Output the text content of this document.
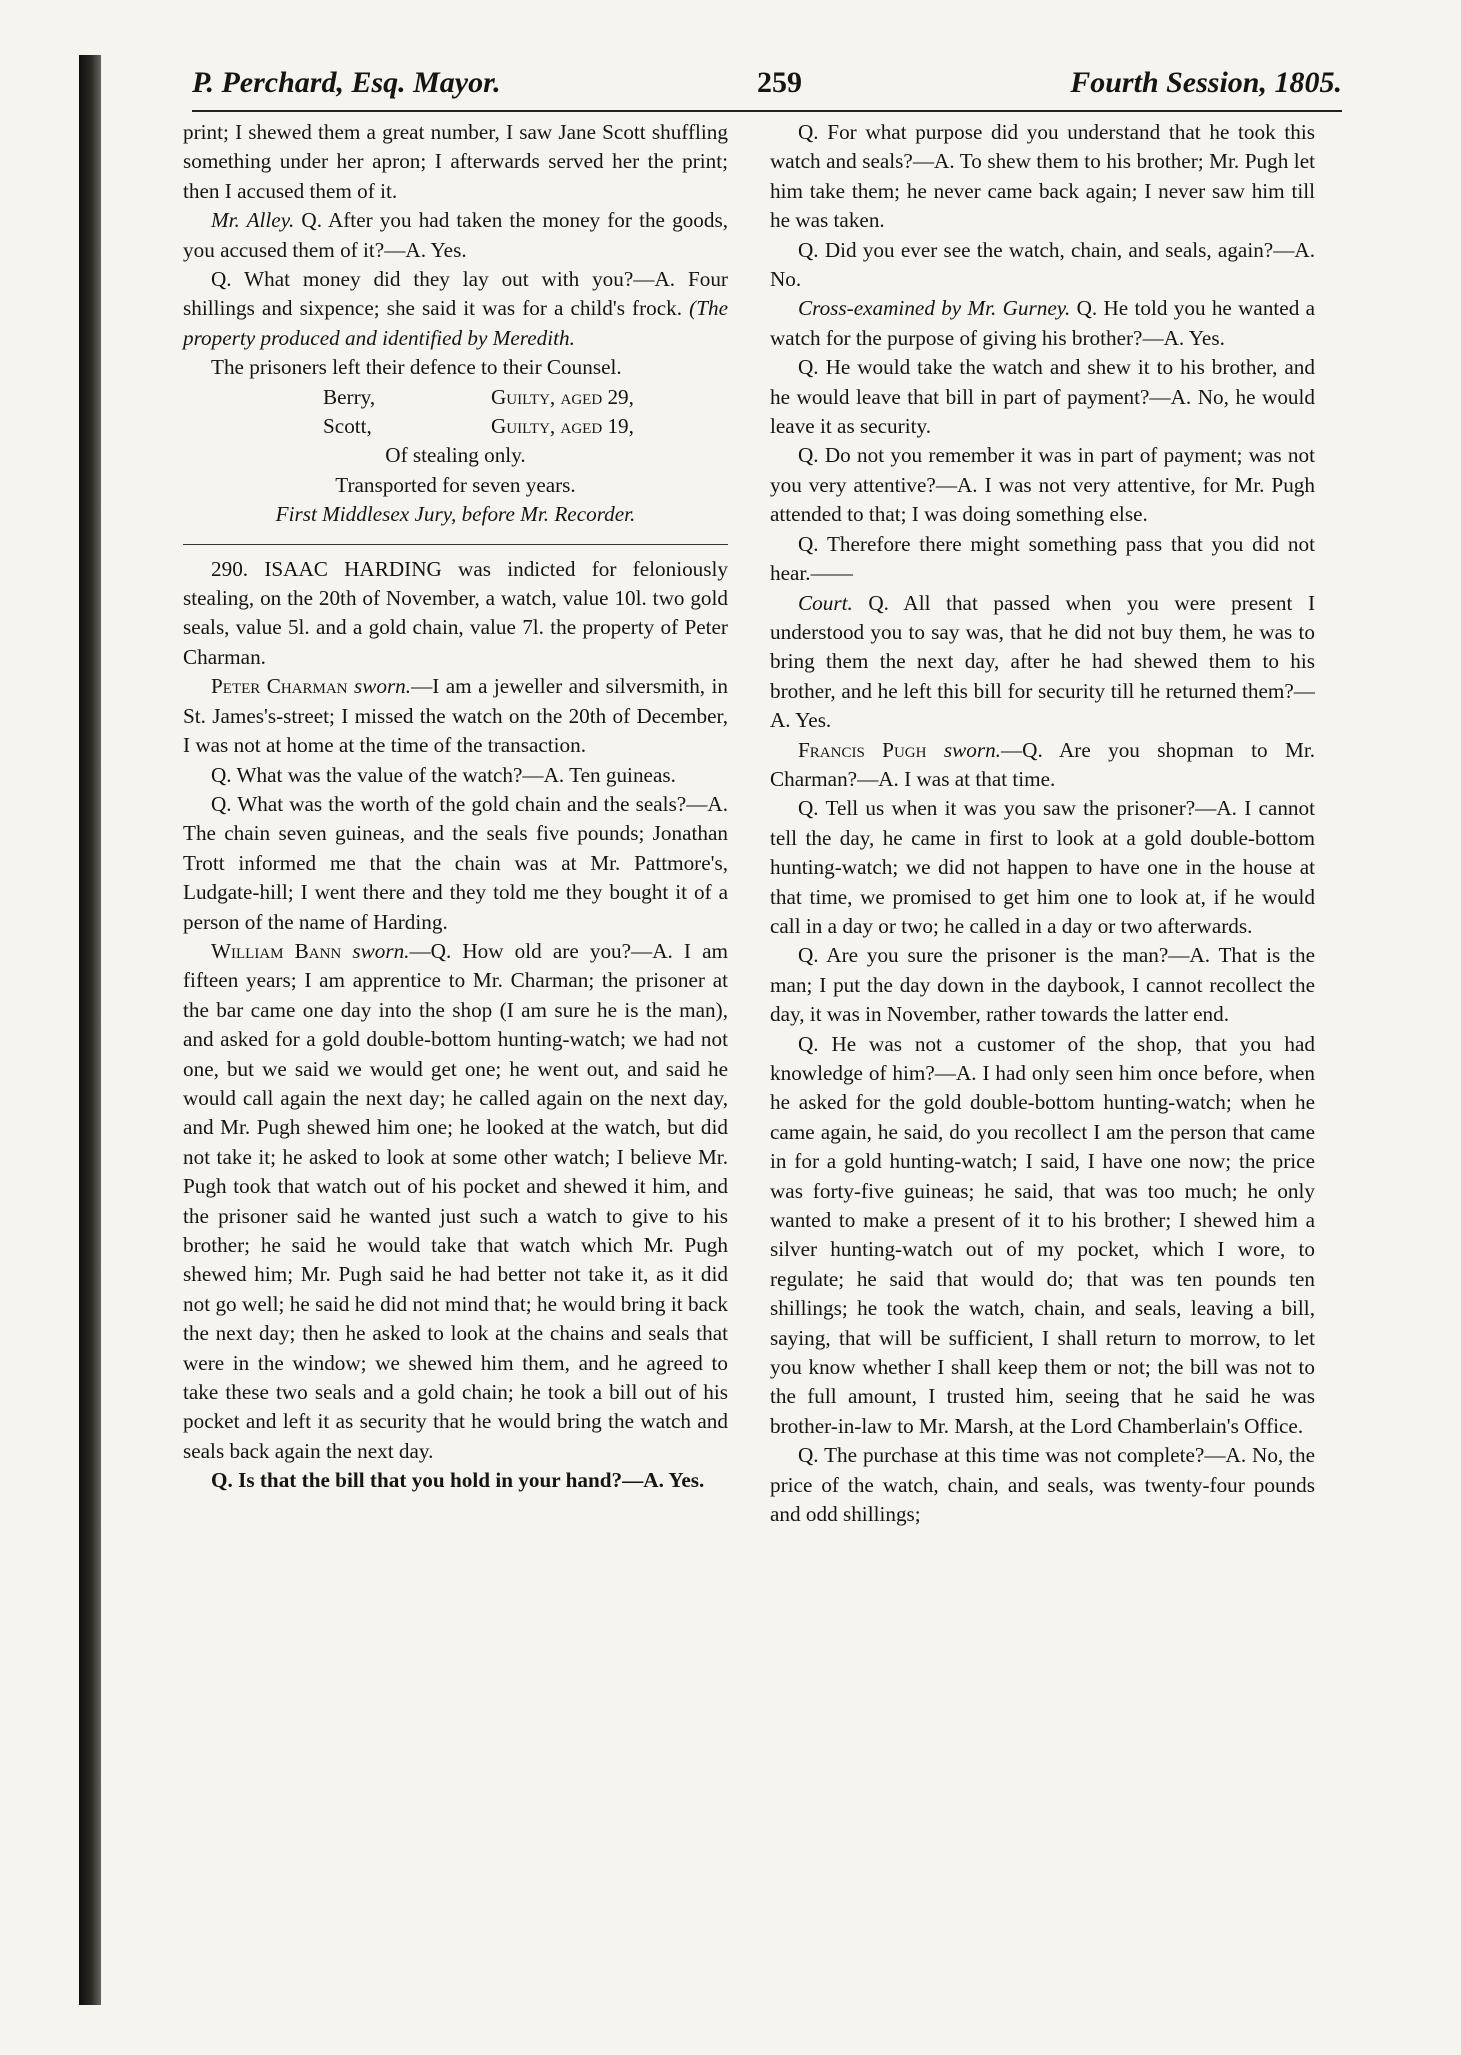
P. Perchard, Esq. Mayor.	259	Fourth Session, 1805.

print; I shewed them a great number, I saw Jane Scott shuffling something under her apron; I afterwards served her the print; then I accused them of it.

Mr. Alley. Q. After you had taken the money for the goods, you accused them of it?—A. Yes.

Q. What money did they lay out with you?—A. Four shillings and sixpence; she said it was for a child's frock. (The property produced and identified by Meredith.

The prisoners left their defence to their Counsel.

Berry,	Guilty, aged 29,
Scott,	Guilty, aged 19,

Of stealing only.

Transported for seven years.

First Middlesex Jury, before Mr. Recorder.

290. ISAAC HARDING was indicted for feloniously stealing, on the 20th of November, a watch, value 10l. two gold seals, value 5l. and a gold chain, value 7l. the property of Peter Charman.

Peter Charman sworn.—I am a jeweller and silversmith, in St. James's-street; I missed the watch on the 20th of December, I was not at home at the time of the transaction.

Q. What was the value of the watch?—A. Ten guineas.

Q. What was the worth of the gold chain and the seals?—A. The chain seven guineas, and the seals five pounds; Jonathan Trott informed me that the chain was at Mr. Pattmore's, Ludgate-hill; I went there and they told me they bought it of a person of the name of Harding.

William Bann sworn.—Q. How old are you?—A. I am fifteen years; I am apprentice to Mr. Charman; the prisoner at the bar came one day into the shop (I am sure he is the man), and asked for a gold double-bottom hunting-watch; we had not one, but we said we would get one; he went out, and said he would call again the next day; he called again on the next day, and Mr. Pugh shewed him one; he looked at the watch, but did not take it; he asked to look at some other watch; I believe Mr. Pugh took that watch out of his pocket and shewed it him, and the prisoner said he wanted just such a watch to give to his brother; he said he would take that watch which Mr. Pugh shewed him; Mr. Pugh said he had better not take it, as it did not go well; he said he did not mind that; he would bring it back the next day; then he asked to look at the chains and seals that were in the window; we shewed him them, and he agreed to take these two seals and a gold chain; he took a bill out of his pocket and left it as security that he would bring the watch and seals back again the next day.

Q. Is that the bill that you hold in your hand?—A. Yes.

Q. For what purpose did you understand that he took this watch and seals?—A. To shew them to his brother; Mr. Pugh let him take them; he never came back again; I never saw him till he was taken.

Q. Did you ever see the watch, chain, and seals, again?—A. No.

Cross-examined by Mr. Gurney. Q. He told you he wanted a watch for the purpose of giving his brother?—A. Yes.

Q. He would take the watch and shew it to his brother, and he would leave that bill in part of payment?—A. No, he would leave it as security.

Q. Do not you remember it was in part of payment; was not you very attentive?—A. I was not very attentive, for Mr. Pugh attended to that; I was doing something else.

Q. Therefore there might something pass that you did not hear.——

Court. Q. All that passed when you were present I understood you to say was, that he did not buy them, he was to bring them the next day, after he had shewed them to his brother, and he left this bill for security till he returned them?—A. Yes.

Francis Pugh sworn.—Q. Are you shopman to Mr. Charman?—A. I was at that time.

Q. Tell us when it was you saw the prisoner?—A. I cannot tell the day, he came in first to look at a gold double-bottom hunting-watch; we did not happen to have one in the house at that time, we promised to get him one to look at, if he would call in a day or two; he called in a day or two afterwards.

Q. Are you sure the prisoner is the man?—A. That is the man; I put the day down in the daybook, I cannot recollect the day, it was in November, rather towards the latter end.

Q. He was not a customer of the shop, that you had knowledge of him?—A. I had only seen him once before, when he asked for the gold double-bottom hunting-watch; when he came again, he said, do you recollect I am the person that came in for a gold hunting-watch; I said, I have one now; the price was forty-five guineas; he said, that was too much; he only wanted to make a present of it to his brother; I shewed him a silver hunting-watch out of my pocket, which I wore, to regulate; he said that would do; that was ten pounds ten shillings; he took the watch, chain, and seals, leaving a bill, saying, that will be sufficient, I shall return to morrow, to let you know whether I shall keep them or not; the bill was not to the full amount, I trusted him, seeing that he said he was brother-in-law to Mr. Marsh, at the Lord Chamberlain's Office.

Q. The purchase at this time was not complete?—A. No, the price of the watch, chain, and seals, was twenty-four pounds and odd shillings;
